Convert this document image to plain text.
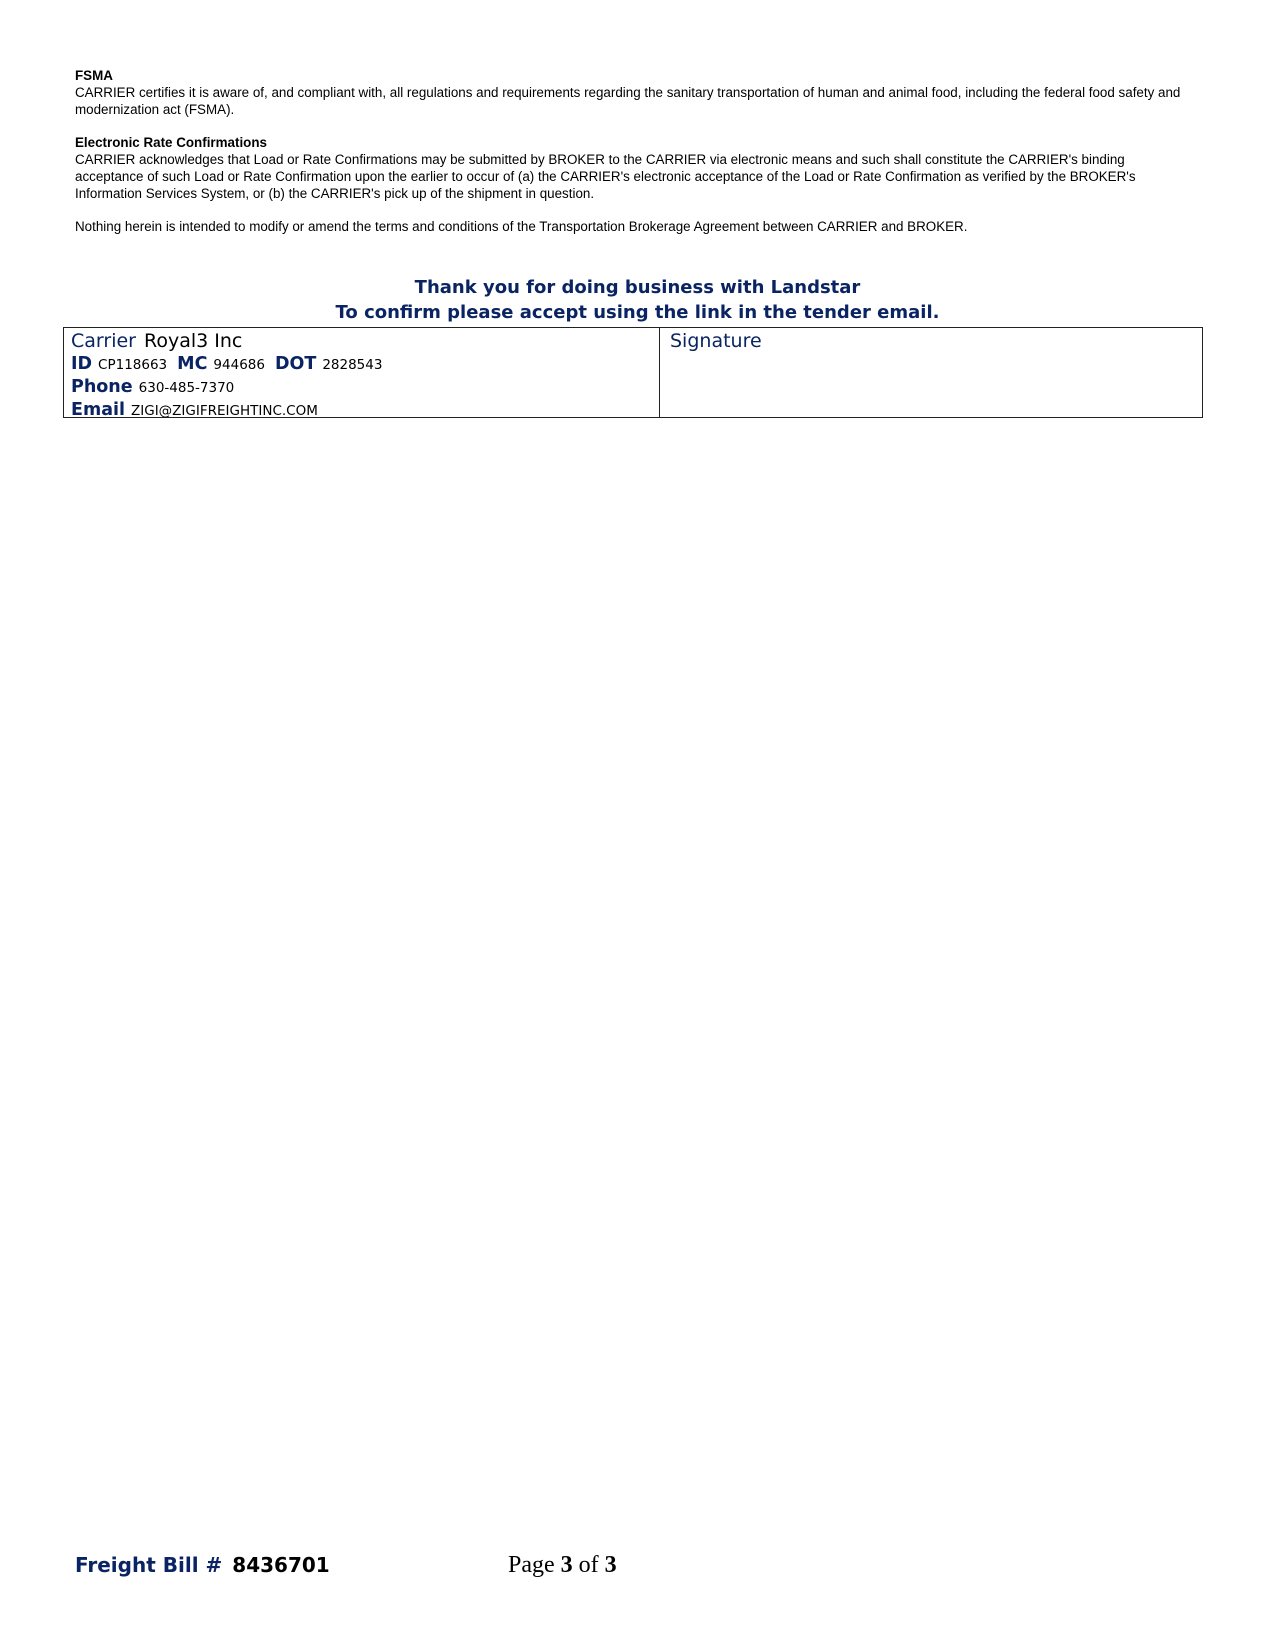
FSMA

CARRIER certifies it is aware of, and compliant with, all regulations and requirements regarding the sanitary transportation of human and animal food, including the federal food safety and modernization act (FSMA).

Electronic Rate Confirmations

CARRIER acknowledges that Load or Rate Confirmations may be submitted by BROKER to the CARRIER via electronic means and such shall constitute the CARRIER's binding acceptance of such Load or Rate Confirmation upon the earlier to occur of (a) the CARRIER's electronic acceptance of the Load or Rate Confirmation as verified by the BROKER's Information Services System, or (b) the CARRIER's pick up of the shipment in question.

Nothing herein is intended to modify or amend the terms and conditions of the Transportation Brokerage Agreement between CARRIER and BROKER.

Thank you for doing business with Landstar
To confirm please accept using the link in the tender email.
Carrier Royal3 Inc
ID CP118663 MC 944686 DOT 2828543
Phone 630-485-7370
Email ZIGI@ZIGIFREIGHTINC.COM
Signature
Freight Bill # 8436701	Page 3 of 3
